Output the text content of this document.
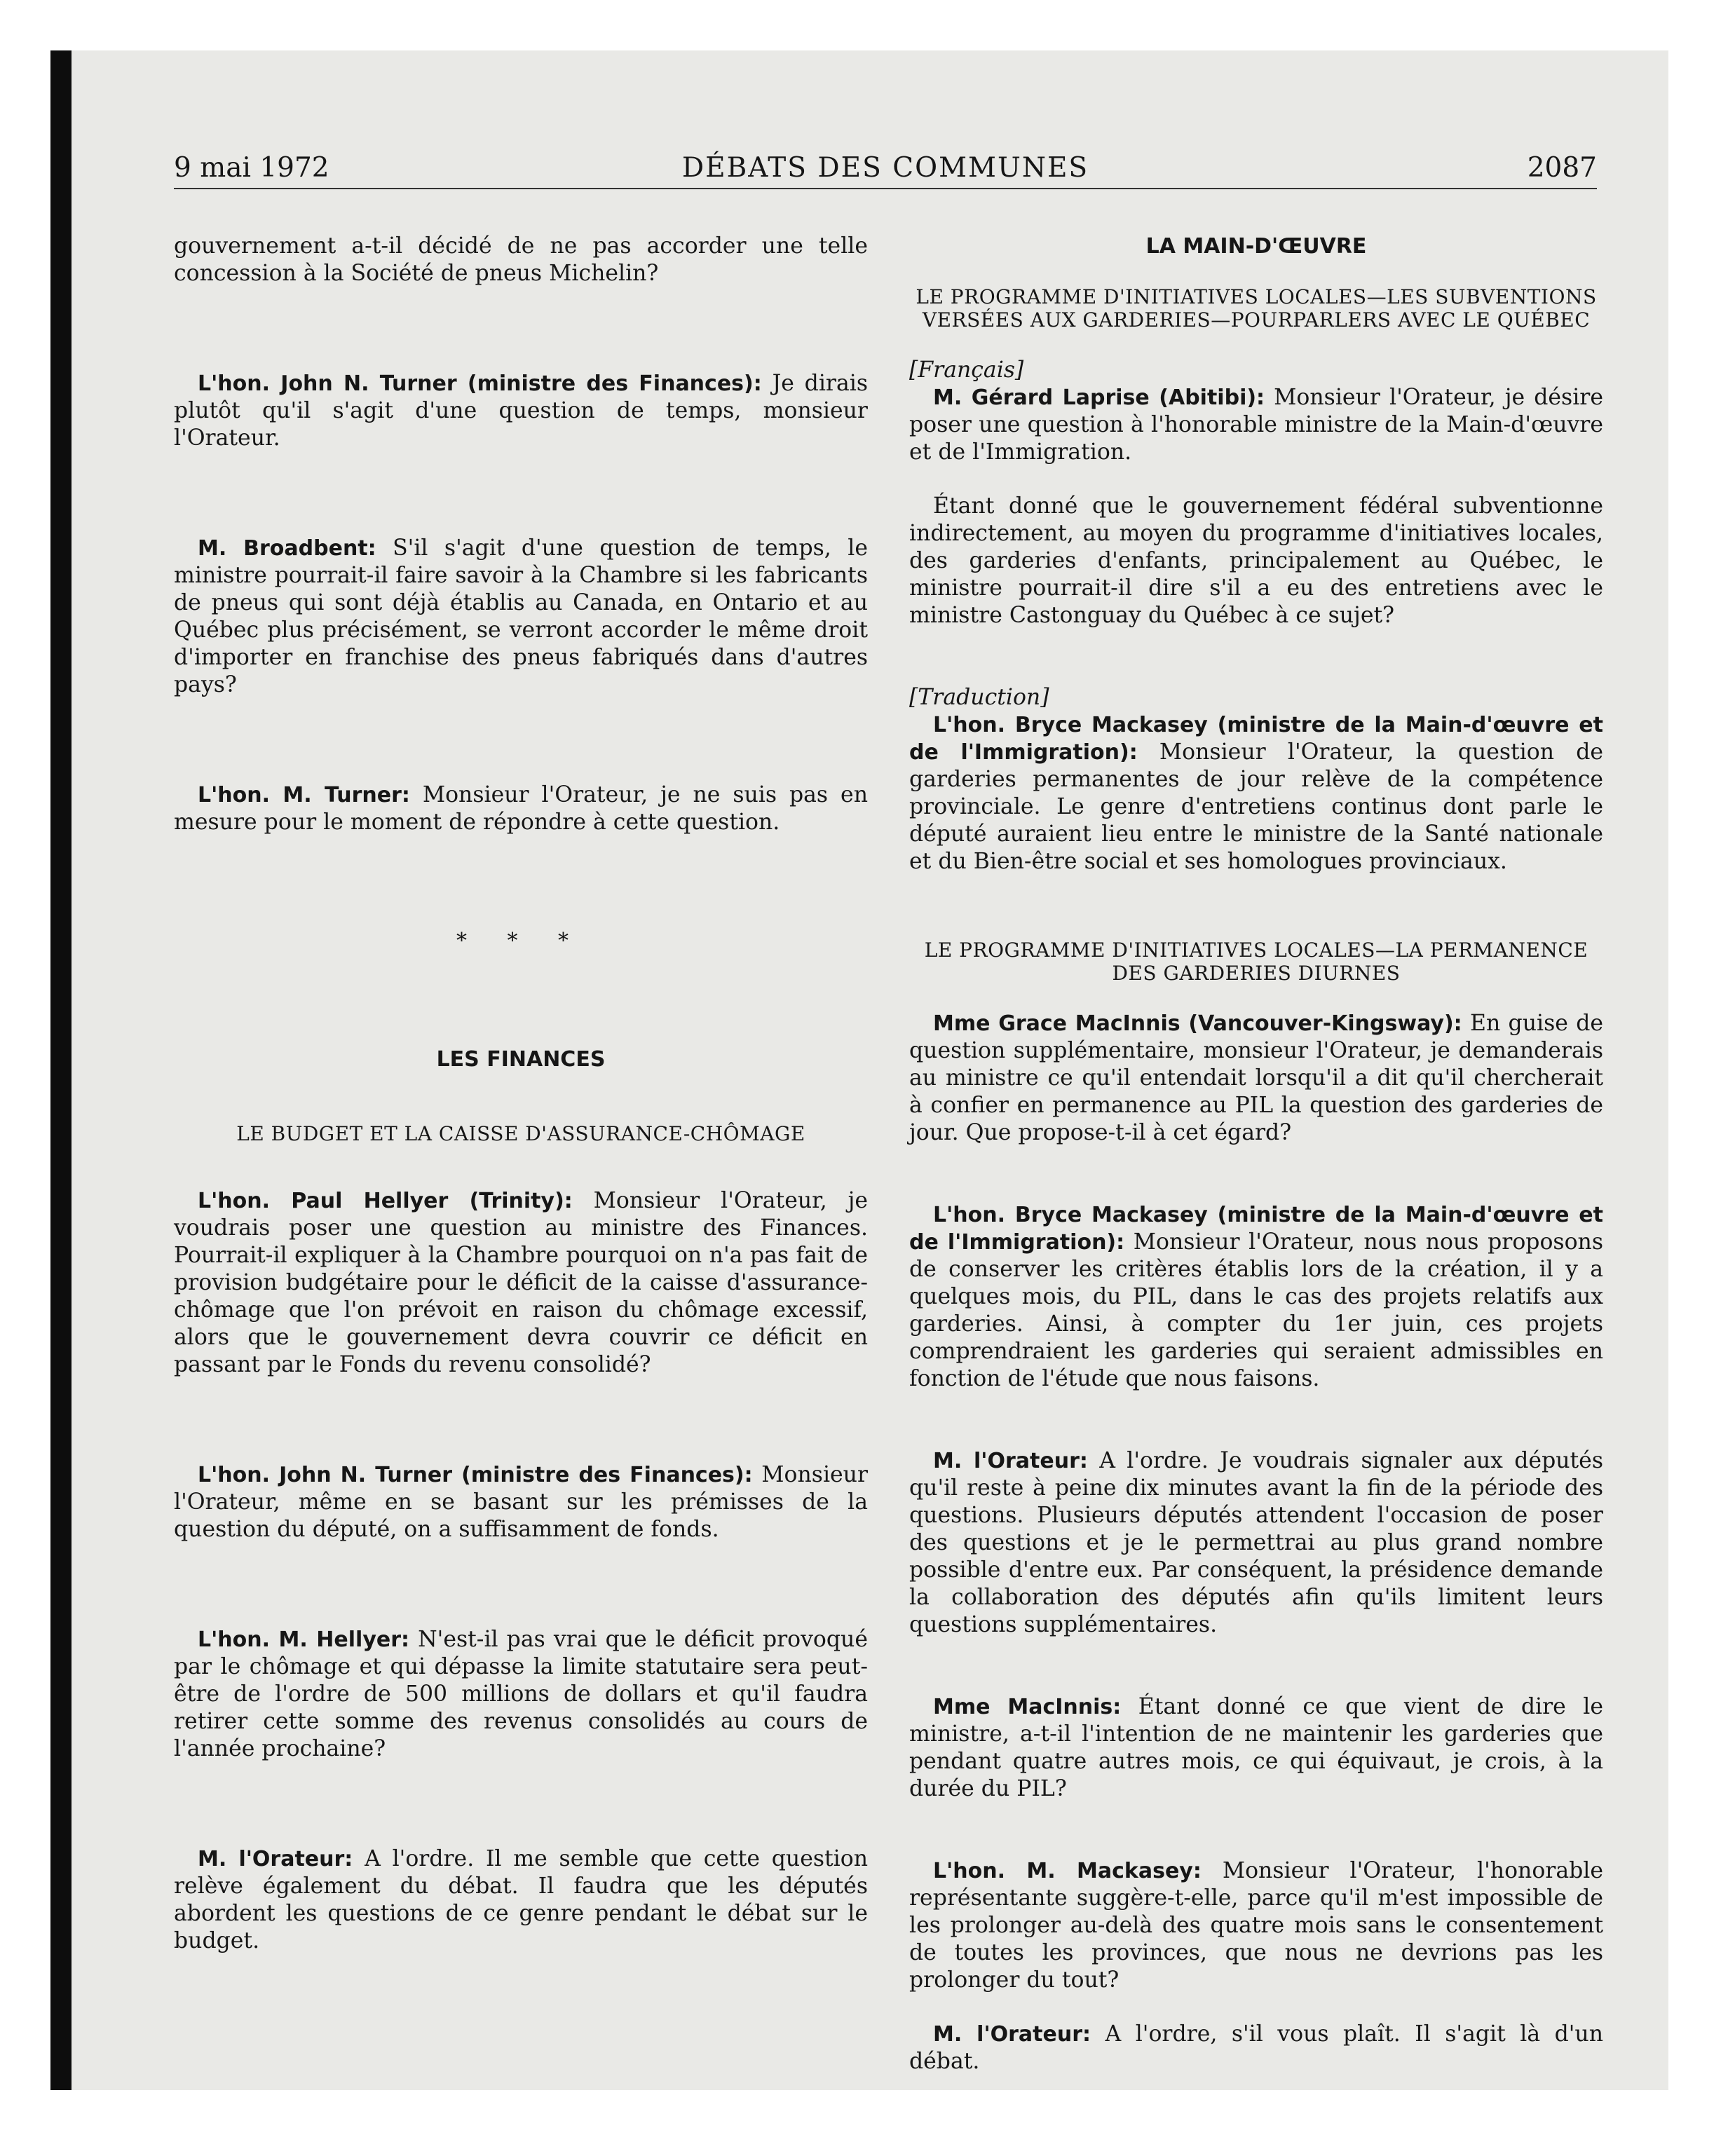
9 mai 1972	DÉBATS DES COMMUNES	2087

gouvernement a-t-il décidé de ne pas accorder une telle concession à la Société de pneus Michelin?

L'hon. John N. Turner (ministre des Finances): Je dirais plutôt qu'il s'agit d'une question de temps, monsieur l'Orateur.

M. Broadbent: S'il s'agit d'une question de temps, le ministre pourrait-il faire savoir à la Chambre si les fabricants de pneus qui sont déjà établis au Canada, en Ontario et au Québec plus précisément, se verront accorder le même droit d'importer en franchise des pneus fabriqués dans d'autres pays?

L'hon. M. Turner: Monsieur l'Orateur, je ne suis pas en mesure pour le moment de répondre à cette question.

* * *
LES FINANCES
LE BUDGET ET LA CAISSE D'ASSURANCE-CHÔMAGE

L'hon. Paul Hellyer (Trinity): Monsieur l'Orateur, je voudrais poser une question au ministre des Finances. Pourrait-il expliquer à la Chambre pourquoi on n'a pas fait de provision budgétaire pour le déficit de la caisse d'assurance-chômage que l'on prévoit en raison du chômage excessif, alors que le gouvernement devra couvrir ce déficit en passant par le Fonds du revenu consolidé?

L'hon. John N. Turner (ministre des Finances): Monsieur l'Orateur, même en se basant sur les prémisses de la question du député, on a suffisamment de fonds.

L'hon. M. Hellyer: N'est-il pas vrai que le déficit provoqué par le chômage et qui dépasse la limite statutaire sera peut-être de l'ordre de 500 millions de dollars et qu'il faudra retirer cette somme des revenus consolidés au cours de l'année prochaine?

M. l'Orateur: A l'ordre. Il me semble que cette question relève également du débat. Il faudra que les députés abordent les questions de ce genre pendant le débat sur le budget.

LA MAIN-D'ŒUVRE
LE PROGRAMME D'INITIATIVES LOCALES—LES SUBVENTIONS VERSÉES AUX GARDERIES—POURPARLERS AVEC LE QUÉBEC

[Français]

M. Gérard Laprise (Abitibi): Monsieur l'Orateur, je désire poser une question à l'honorable ministre de la Main-d'œuvre et de l'Immigration.

Étant donné que le gouvernement fédéral subventionne indirectement, au moyen du programme d'initiatives locales, des garderies d'enfants, principalement au Québec, le ministre pourrait-il dire s'il a eu des entretiens avec le ministre Castonguay du Québec à ce sujet?

[Traduction]

L'hon. Bryce Mackasey (ministre de la Main-d'œuvre et de l'Immigration): Monsieur l'Orateur, la question de garderies permanentes de jour relève de la compétence provinciale. Le genre d'entretiens continus dont parle le député auraient lieu entre le ministre de la Santé nationale et du Bien-être social et ses homologues provinciaux.

LE PROGRAMME D'INITIATIVES LOCALES—LA PERMANENCE DES GARDERIES DIURNES

Mme Grace MacInnis (Vancouver-Kingsway): En guise de question supplémentaire, monsieur l'Orateur, je demanderais au ministre ce qu'il entendait lorsqu'il a dit qu'il chercherait à confier en permanence au PIL la question des garderies de jour. Que propose-t-il à cet égard?

L'hon. Bryce Mackasey (ministre de la Main-d'œuvre et de l'Immigration): Monsieur l'Orateur, nous nous proposons de conserver les critères établis lors de la création, il y a quelques mois, du PIL, dans le cas des projets relatifs aux garderies. Ainsi, à compter du 1er juin, ces projets comprendraient les garderies qui seraient admissibles en fonction de l'étude que nous faisons.

M. l'Orateur: A l'ordre. Je voudrais signaler aux députés qu'il reste à peine dix minutes avant la fin de la période des questions. Plusieurs députés attendent l'occasion de poser des questions et je le permettrai au plus grand nombre possible d'entre eux. Par conséquent, la présidence demande la collaboration des députés afin qu'ils limitent leurs questions supplémentaires.

Mme MacInnis: Étant donné ce que vient de dire le ministre, a-t-il l'intention de ne maintenir les garderies que pendant quatre autres mois, ce qui équivaut, je crois, à la durée du PIL?

L'hon. M. Mackasey: Monsieur l'Orateur, l'honorable représentante suggère-t-elle, parce qu'il m'est impossible de les prolonger au-delà des quatre mois sans le consentement de toutes les provinces, que nous ne devrions pas les prolonger du tout?

M. l'Orateur: A l'ordre, s'il vous plaît. Il s'agit là d'un débat.
